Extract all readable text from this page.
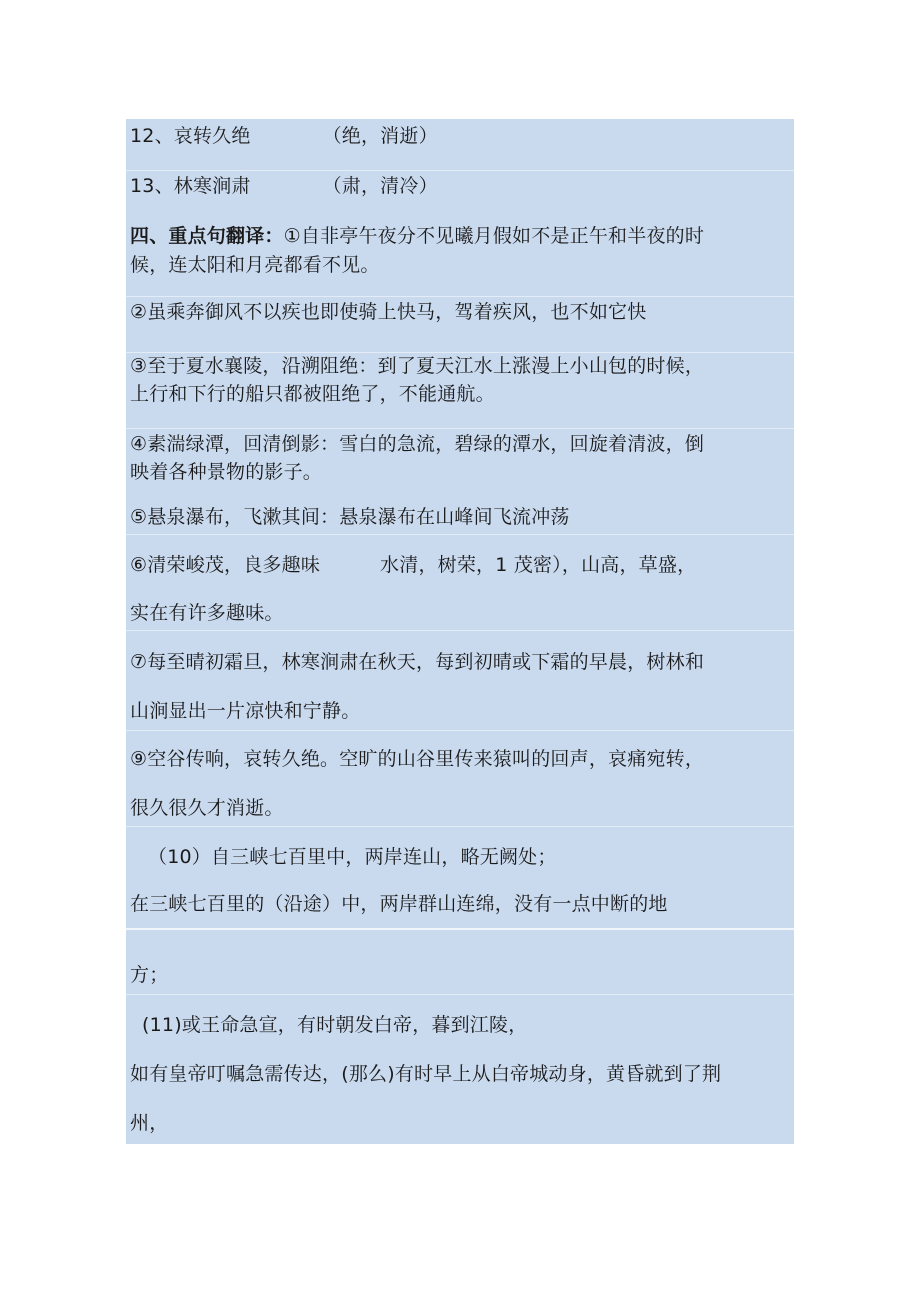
12、哀转久绝	（绝，消逝）
13、林寒涧肃	（肃，清冷）
四、重点句翻译：①自非亭午夜分不见曦月假如不是正午和半夜的时
候，连太阳和月亮都看不见。
②虽乘奔御风不以疾也即使骑上快马，驾着疾风，也不如它快
③至于夏水襄陵，沿溯阻绝：到了夏天江水上涨漫上小山包的时候，
上行和下行的船只都被阻绝了，不能通航。
④素湍绿潭，回清倒影：雪白的急流，碧绿的潭水，回旋着清波，倒
映着各种景物的影子。
⑤悬泉瀑布，飞漱其间：悬泉瀑布在山峰间飞流冲荡
⑥清荣峻茂，良多趣味	水清，树荣，1 茂密），山高，草盛，
实在有许多趣味。
⑦每至晴初霜旦，林寒涧肃在秋天，每到初晴或下霜的早晨，树林和
山涧显出一片凉快和宁静。
⑨空谷传响，哀转久绝。空旷的山谷里传来猿叫的回声，哀痛宛转，
很久很久才消逝。
（10）自三峡七百里中，两岸连山，略无阙处；
在三峡七百里的（沿途）中，两岸群山连绵，没有一点中断的地
方；
(11)或王命急宣，有时朝发白帝，暮到江陵，
如有皇帝叮嘱急需传达，(那么)有时早上从白帝城动身，黄昏就到了荆
州，
